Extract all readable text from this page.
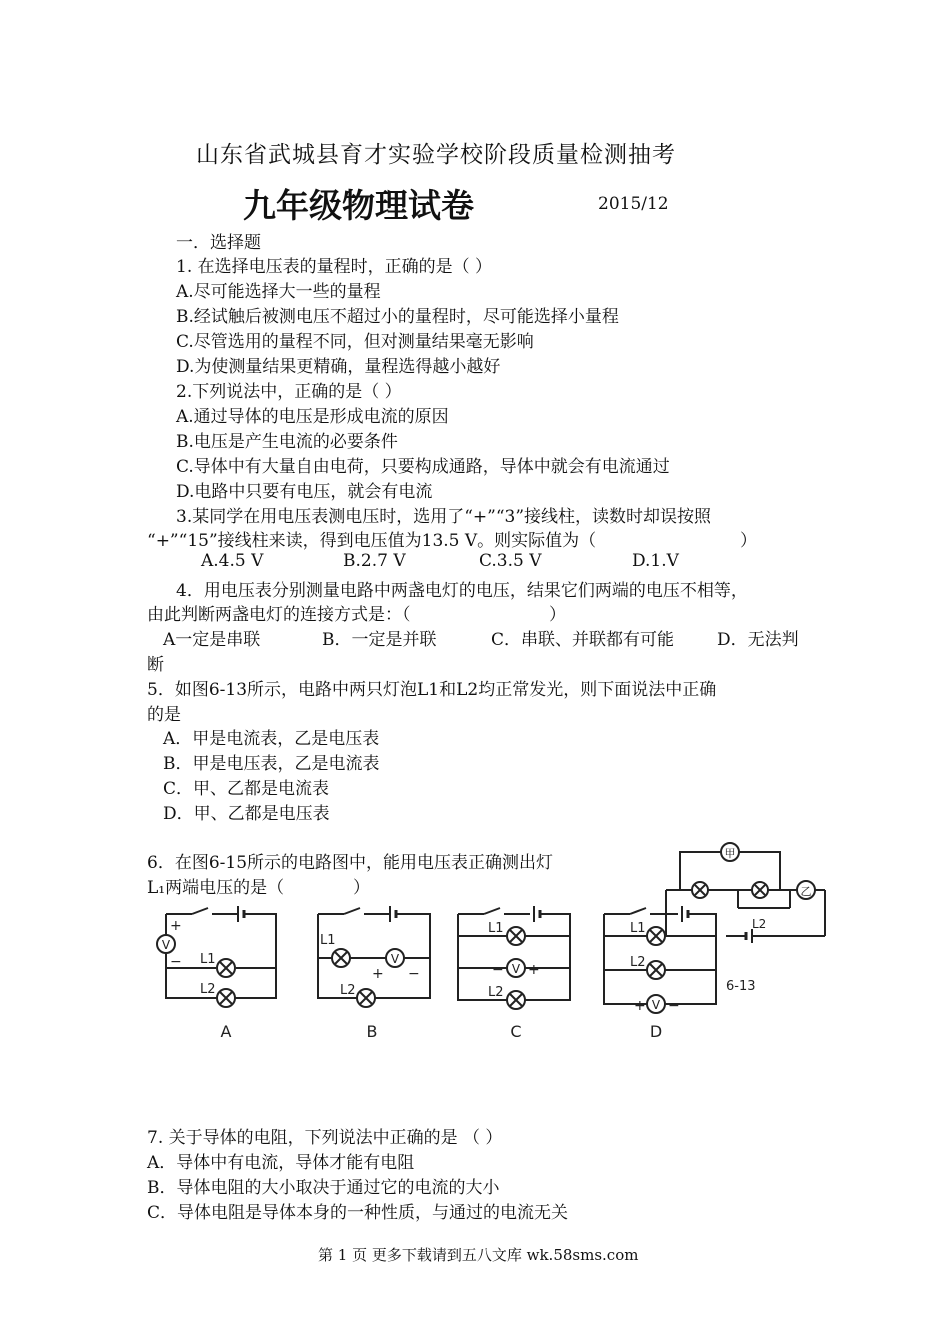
山东省武城县育才实验学校阶段质量检测抽考
九年级物理试卷	2015/12
一．选择题
1. 在选择电压表的量程时，正确的是（ ）
A.尽可能选择大一些的量程
B.经试触后被测电压不超过小的量程时，尽可能选择小量程
C.尽管选用的量程不同，但对测量结果毫无影响
D.为使测量结果更精确，量程选得越小越好
2.下列说法中，正确的是（ ）
A.通过导体的电压是形成电流的原因
B.电压是产生电流的必要条件
C.导体中有大量自由电荷，只要构成通路，导体中就会有电流通过
D.电路中只要有电压，就会有电流
3.某同学在用电压表测电压时，选用了“+”“3”接线柱，读数时却误按照
“+”“15”接线柱来读，得到电压值为13.5 V。则实际值为（	）
A.4.5 V	B.2.7 V	C.3.5 V	D.1.V
4．用电压表分别测量电路中两盏电灯的电压，结果它们两端的电压不相等，
由此判断两盏电灯的连接方式是：（	）
A一定是串联	B．一定是并联	C．串联、并联都有可能	D．无法判
断
5．如图6-13所示，电路中两只灯泡L1和L2均正常发光，则下面说法中正确
的是
A．甲是电流表，乙是电压表
B．甲是电压表，乙是电流表
C．甲、乙都是电流表
D．甲、乙都是电压表
6．在图6-15所示的电路图中，能用电压表正确测出灯
L₁两端电压的是（	）
甲
L2
乙
6-13
V
L1
L2
+
−
A
V
L1
L2
+ −
B
V
L1
L2
− +
C
V
L1
L2
+ −
D
7. 关于导体的电阻，下列说法中正确的是 （ ）
A．导体中有电流，导体才能有电阻
B．导体电阻的大小取决于通过它的电流的大小
C．导体电阻是导体本身的一种性质，与通过的电流无关
第 1 页 更多下载请到五八文库 wk.58sms.com
